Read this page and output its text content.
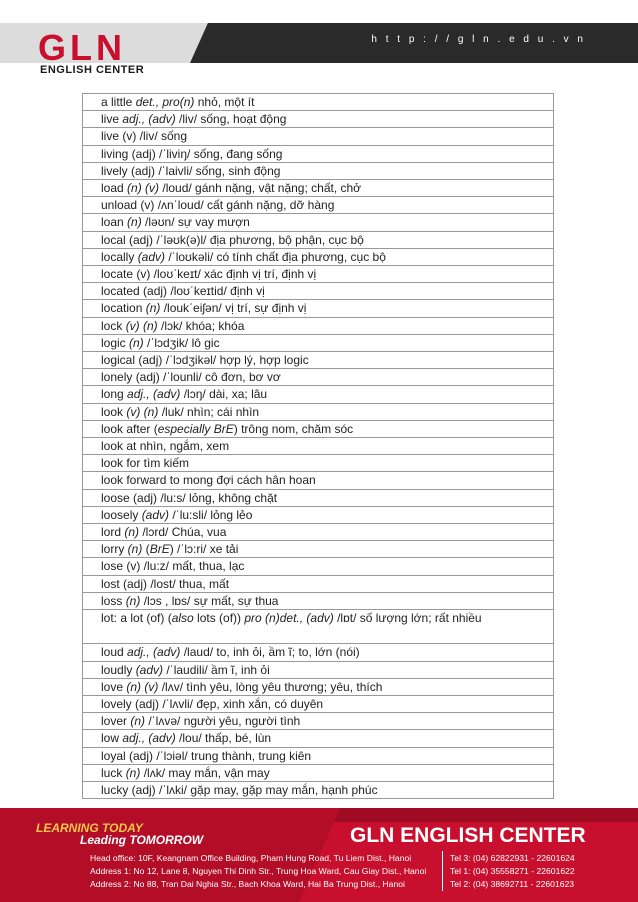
GLN
ENGLISH CENTER
h t t p : / / g l n . e d u . v n
a little det., pro(n) nhỏ, một ít
live adj., (adv) /liv/ sống, hoạt động
live (v) /liv/ sống
living (adj) /ˈliviŋ/ sống, đang sống
lively (adj) /ˈlaivli/ sống, sinh động
load (n) (v) /loud/ gánh nặng, vật nặng; chất, chở
unload (v) /ʌnˈloud/ cất gánh nặng, dỡ hàng
loan (n) /ləʊn/ sự vay mượn
local (adj) /ˈləʊk(ə)l/ địa phương, bộ phận, cục bộ
locally (adv) /ˈloʊkəli/ có tính chất địa phương, cục bộ
locate (v) /loʊˈkeɪt/ xác định vị trí, định vị
located (adj) /loʊˈkeɪtid/ định vị
location (n) /loukˈeiʃən/ vị trí, sự định vị
lock (v) (n) /lɔk/ khóa; khóa
logic (n) /ˈlɔdʒik/ lô gic
logical (adj) /ˈlɔdʒikəl/ hợp lý, hợp logic
lonely (adj) /ˈlounli/ cô đơn, bơ vơ
long adj., (adv) /lɔŋ/ dài, xa; lâu
look (v) (n) /luk/ nhìn; cái nhìn
look after (especially BrE) trông nom, chăm sóc
look at nhìn, ngắm, xem
look for tìm kiếm
look forward to mong đợi cách hân hoan
loose (adj) /lu:s/ lỏng, không chặt
loosely (adv) /ˈlu:sli/ lỏng lẻo
lord (n) /lɔrd/ Chúa, vua
lorry (n) (BrE) /ˈlɔ:ri/ xe tải
lose (v) /lu:z/ mất, thua, lạc
lost (adj) /lost/ thua, mất
loss (n) /lɔs , lɒs/ sự mất, sự thua
lot: a lot (of) (also lots (of)) pro (n)det., (adv) /lɒt/ số lượng lớn; rất nhiều
loud adj., (adv) /laud/ to, inh ỏi, ầm ĩ; to, lớn (nói)
loudly (adv) /ˈlaudili/ ầm ĩ, inh ỏi
love (n) (v) /lʌv/ tình yêu, lòng yêu thương; yêu, thích
lovely (adj) /ˈlʌvli/ đẹp, xinh xắn, có duyên
lover (n) /ˈlʌvə/ người yêu, người tình
low adj., (adv) /lou/ thấp, bé, lùn
loyal (adj) /ˈlɔiəl/ trung thành, trung kiên
luck (n) /lʌk/ may mắn, vận may
lucky (adj) /ˈlʌki/ gặp may, gặp may mắn, hạnh phúc
LEARNING TODAY
Leading TOMORROW	GLN ENGLISH CENTER
Head office: 10F, Keangnam Office Building, Pham Hung Road, Tu Liem Dist., Hanoi
Address 1: No 12, Lane 8, Nguyen Thi Dinh Str., Trung Hoa Ward, Cau Giay Dist., Hanoi
Address 2: No 88, Tran Dai Nghia Str., Bach Khoa Ward, Hai Ba Trung Dist., Hanoi
Tel 3: (04) 62822931 - 22601624
Tel 1: (04) 35558271 - 22601622
Tel 2: (04) 38692711 - 22601623
